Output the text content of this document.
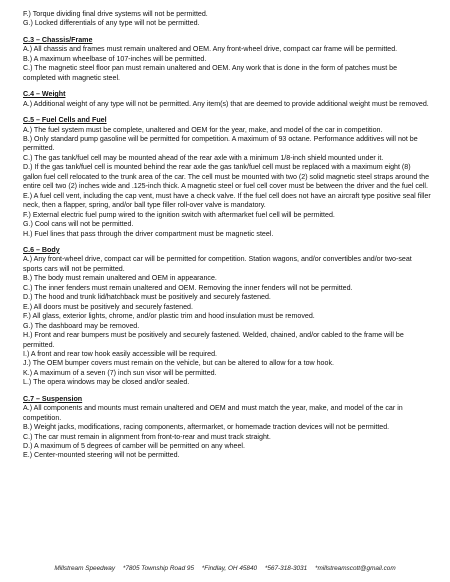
F.) Torque dividing final drive systems will not be permitted.
G.) Locked differentials of any type will not be permitted.
C.3 – Chassis/Frame
A.) All chassis and frames must remain unaltered and OEM. Any front-wheel drive, compact car frame will be permitted.
B.) A maximum wheelbase of 107-inches will be permitted.
C.) The magnetic steel floor pan must remain unaltered and OEM. Any work that is done in the form of patches must be completed with magnetic steel.
C.4 – Weight
A.) Additional weight of any type will not be permitted. Any item(s) that are deemed to provide additional weight must be removed.
C.5 – Fuel Cells and Fuel
A.) The fuel system must be complete, unaltered and OEM for the year, make, and model of the car in competition.
B.) Only standard pump gasoline will be permitted for competition. A maximum of 93 octane. Performance additives will not be permitted.
C.) The gas tank/fuel cell may be mounted ahead of the rear axle with a minimum 1/8-inch shield mounted under it.
D.) If the gas tank/fuel cell is mounted behind the rear axle the gas tank/fuel cell must be replaced with a maximum eight (8) gallon fuel cell relocated to the trunk area of the car. The cell must be mounted with two (2) solid magnetic steel straps around the entire cell two (2) inches wide and .125-inch thick. A magnetic steel or fuel cell cover must be between the driver and the fuel cell.
E.) A fuel cell vent, including the cap vent, must have a check valve. If the fuel cell does not have an aircraft type positive seal filler neck, then a flapper, spring, and/or ball type filler roll-over valve is mandatory.
F.) External electric fuel pump wired to the ignition switch with aftermarket fuel cell will be permitted.
G.) Cool cans will not be permitted.
H.) Fuel lines that pass through the driver compartment must be magnetic steel.
C.6 – Body
A.) Any front-wheel drive, compact car will be permitted for competition. Station wagons, and/or convertibles and/or two-seat sports cars will not be permitted.
B.) The body must remain unaltered and OEM in appearance.
C.) The inner fenders must remain unaltered and OEM. Removing the inner fenders will not be permitted.
D.) The hood and trunk lid/hatchback must be positively and securely fastened.
E.) All doors must be positively and securely fastened.
F.) All glass, exterior lights, chrome, and/or plastic trim and hood insulation must be removed.
G.) The dashboard may be removed.
H.) Front and rear bumpers must be positively and securely fastened. Welded, chained, and/or cabled to the frame will be permitted.
I.) A front and rear tow hook easily accessible will be required.
J.) The OEM bumper covers must remain on the vehicle, but can be altered to allow for a tow hook.
K.) A maximum of a seven (7) inch sun visor will be permitted.
L.) The opera windows may be closed and/or sealed.
C.7 – Suspension
A.) All components and mounts must remain unaltered and OEM and must match the year, make, and model of the car in competition.
B.) Weight jacks, modifications, racing components, aftermarket, or homemade traction devices will not be permitted.
C.) The car must remain in alignment from front-to-rear and must track straight.
D.) A maximum of 5 degrees of camber will be permitted on any wheel.
E.) Center-mounted steering will not be permitted.
Millstream Speedway *7805 Township Road 95 *Findlay, OH 45840 *567-318-3031 *millstreamscott@gmail.com
